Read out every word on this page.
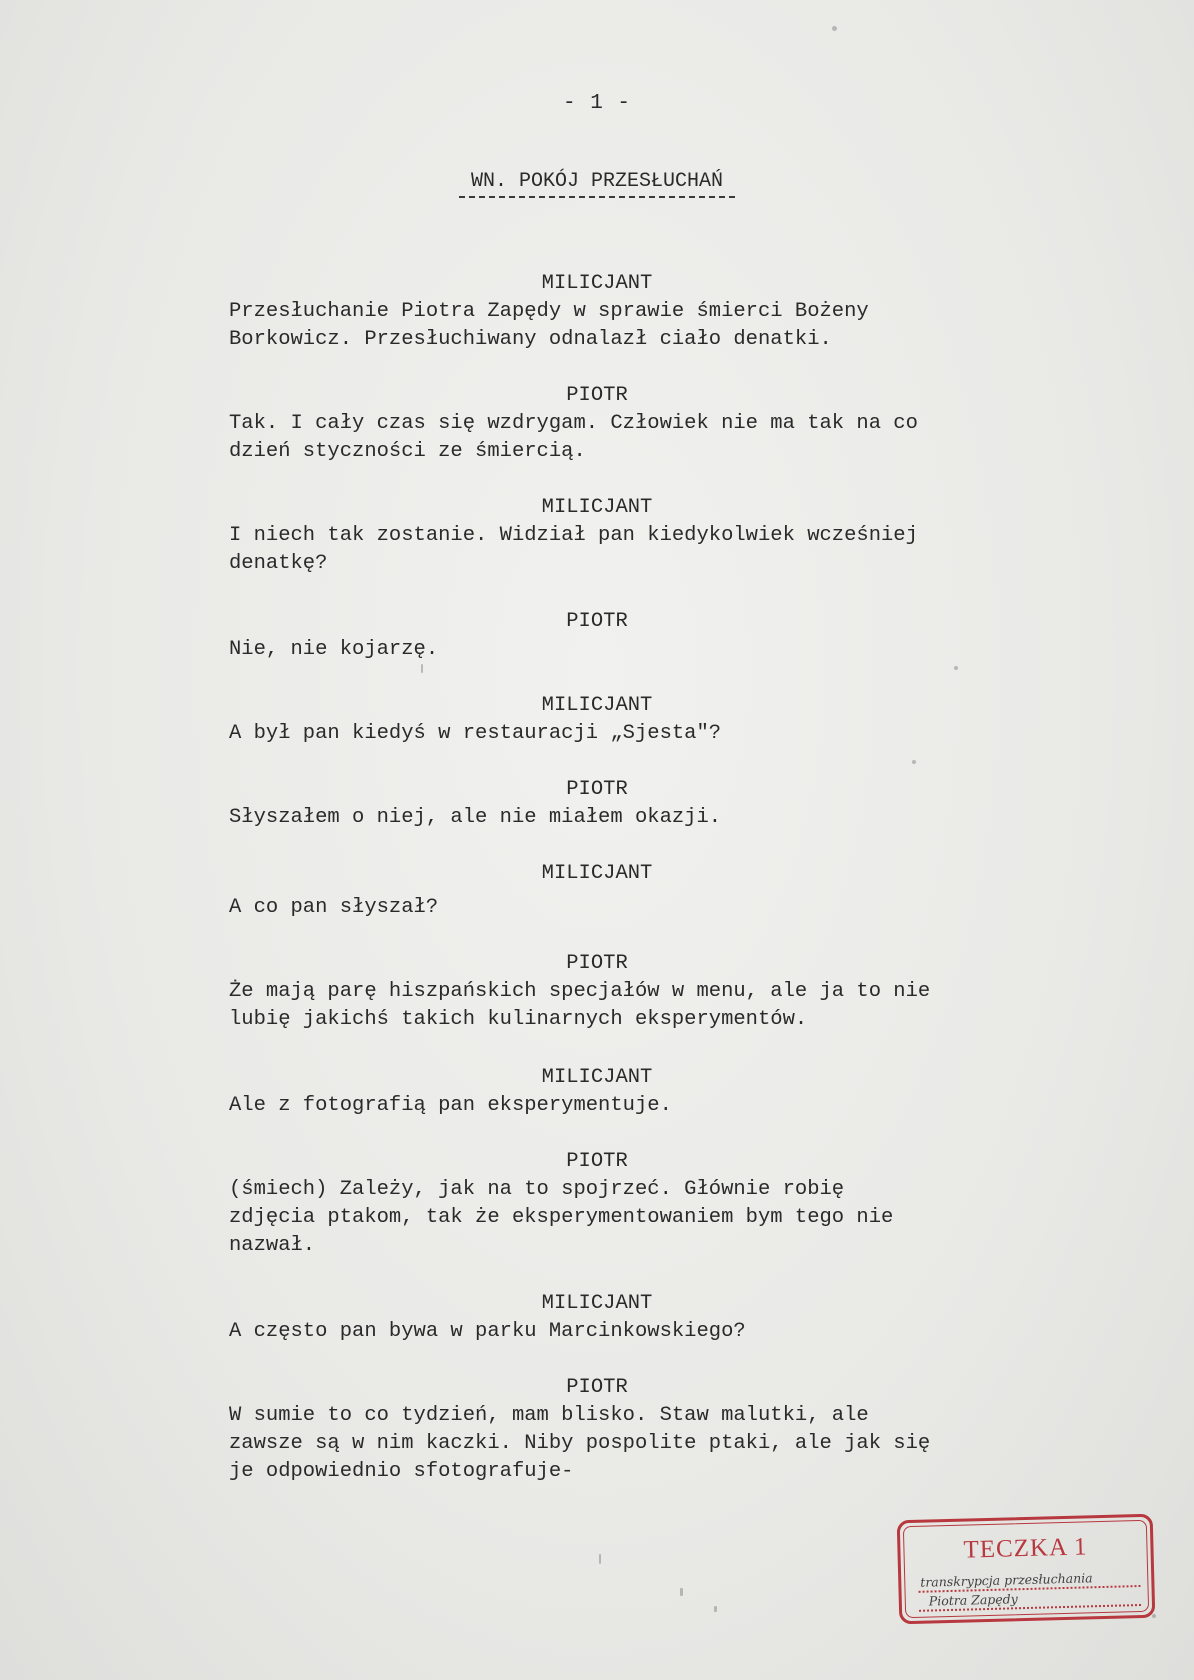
- 1 -
WN. POKÓJ PRZESŁUCHAŃ

MILICJANT

Przesłuchanie Piotra Zapędy w sprawie śmierci Bożeny
Borkowicz. Przesłuchiwany odnalazł ciało denatki.

PIOTR

Tak. I cały czas się wzdrygam. Człowiek nie ma tak na co
dzień styczności ze śmiercią.

MILICJANT

I niech tak zostanie. Widział pan kiedykolwiek wcześniej
denatkę?

PIOTR

Nie, nie kojarzę.

MILICJANT

A był pan kiedyś w restauracji „Sjesta"?

PIOTR

Słyszałem o niej, ale nie miałem okazji.

MILICJANT

A co pan słyszał?

PIOTR

Że mają parę hiszpańskich specjałów w menu, ale ja to nie
lubię jakichś takich kulinarnych eksperymentów.

MILICJANT

Ale z fotografią pan eksperymentuje.

PIOTR

(śmiech) Zależy, jak na to spojrzeć. Głównie robię
zdjęcia ptakom, tak że eksperymentowaniem bym tego nie
nazwał.

MILICJANT

A często pan bywa w parku Marcinkowskiego?

PIOTR

W sumie to co tydzień, mam blisko. Staw malutki, ale
zawsze są w nim kaczki. Niby pospolite ptaki, ale jak się
je odpowiednio sfotografuje-

TECZKA 1
transkrypcja przesłuchania
Piotra Zapędy
